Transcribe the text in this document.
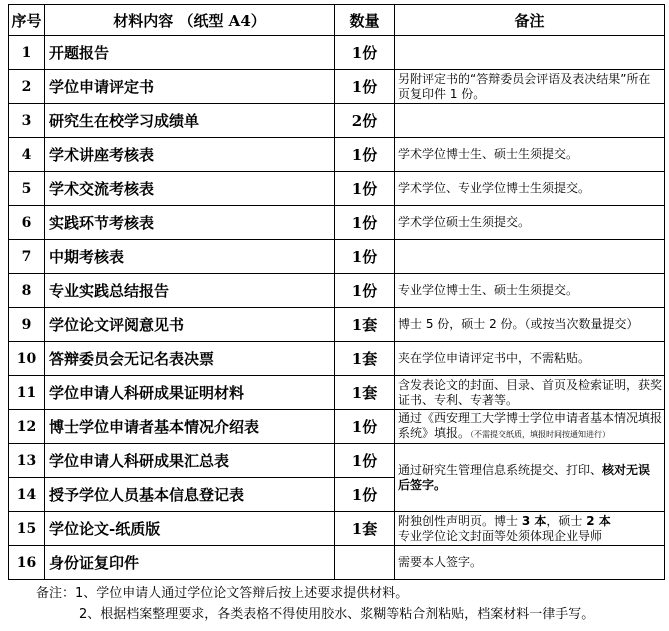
序号	材料内容 （纸型 A4）	数量	备注
1	开题报告	1份	
2	学位申请评定书	1份	另附评定书的“答辩委员会评语及表决结果”所在页复印件 1 份。
3	研究生在校学习成绩单	2份	
4	学术讲座考核表	1份	学术学位博士生、硕士生须提交。
5	学术交流考核表	1份	学术学位、专业学位博士生须提交。
6	实践环节考核表	1份	学术学位硕士生须提交。
7	中期考核表	1份	
8	专业实践总结报告	1份	专业学位博士生、硕士生须提交。
9	学位论文评阅意见书	1套	博士 5 份，硕士 2 份。（或按当次数量提交）
10	答辩委员会无记名表决票	1套	夹在学位申请评定书中，不需粘贴。
11	学位申请人科研成果证明材料	1套	含发表论文的封面、目录、首页及检索证明，获奖证书、专利、专著等。
12	博士学位申请者基本情况介绍表	1份	通过《西安理工大学博士学位申请者基本情况填报系统》填报。（不需提交纸质，填报时间按通知进行）
13	学位申请人科研成果汇总表	1份	通过研究生管理信息系统提交、打印、核对无误后签字。
14	授予学位人员基本信息登记表	1份	
15	学位论文-纸质版	1套	附独创性声明页。博士 3 本，硕士 2 本
专业学位论文封面等处须体现企业导师
16	身份证复印件		需要本人签字。
备注：1、学位申请人通过学位论文答辩后按上述要求提供材料。
2、根据档案整理要求，各类表格不得使用胶水、浆糊等粘合剂粘贴，档案材料一律手写。
